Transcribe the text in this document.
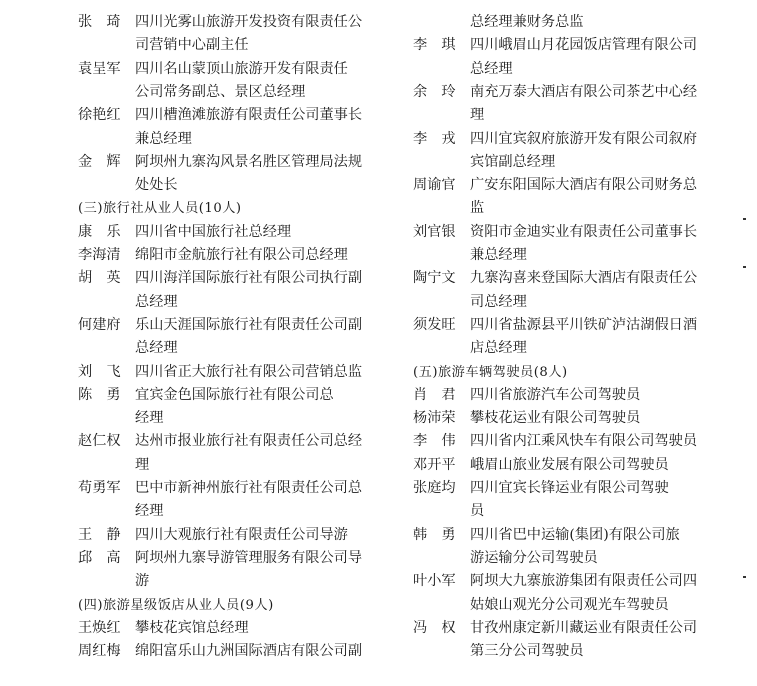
张　琦	四川光雾山旅游开发投资有限责任公
司营销中心副主任
袁呈军	四川名山蒙顶山旅游开发有限责任
公司常务副总、景区总经理
徐艳红	四川槽渔滩旅游有限责任公司董事长
兼总经理
金　辉	阿坝州九寨沟风景名胜区管理局法规
处处长
(三)旅行社从业人员(10人)
康　乐	四川省中国旅行社总经理
李海清	绵阳市金航旅行社有限公司总经理
胡　英	四川海洋国际旅行社有限公司执行副
总经理
何建府	乐山天涯国际旅行社有限责任公司副
总经理
刘　飞	四川省正大旅行社有限公司营销总监
陈　勇	宜宾金色国际旅行社有限公司总
经理
赵仁权	达州市报业旅行社有限责任公司总经
理
苟勇军	巴中市新神州旅行社有限责任公司总
经理
王　静	四川大观旅行社有限责任公司导游
邱　高	阿坝州九寨导游管理服务有限公司导
游
(四)旅游星级饭店从业人员(9人)
王焕红	攀枝花宾馆总经理
周红梅	绵阳富乐山九洲国际酒店有限公司副
总经理兼财务总监
李　琪	四川峨眉山月花园饭店管理有限公司
总经理
余　玲	南充万泰大酒店有限公司茶艺中心经
理
李　戎	四川宜宾叙府旅游开发有限公司叙府
宾馆副总经理
周谕官	广安东阳国际大酒店有限公司财务总
监
刘官银	资阳市金迪实业有限责任公司董事长
兼总经理
陶宁文	九寨沟喜来登国际大酒店有限责任公
司总经理
须发旺	四川省盐源县平川铁矿泸沽湖假日酒
店总经理
(五)旅游车辆驾驶员(8人)
肖　君	四川省旅游汽车公司驾驶员
杨沛荣	攀枝花运业有限公司驾驶员
李　伟	四川省内江乘风快车有限公司驾驶员
邓开平	峨眉山旅业发展有限公司驾驶员
张庭均	四川宜宾长锋运业有限公司驾驶
员
韩　勇	四川省巴中运输(集团)有限公司旅
游运输分公司驾驶员
叶小军	阿坝大九寨旅游集团有限责任公司四
姑娘山观光分公司观光车驾驶员
冯　权	甘孜州康定新川藏运业有限责任公司
第三分公司驾驶员
